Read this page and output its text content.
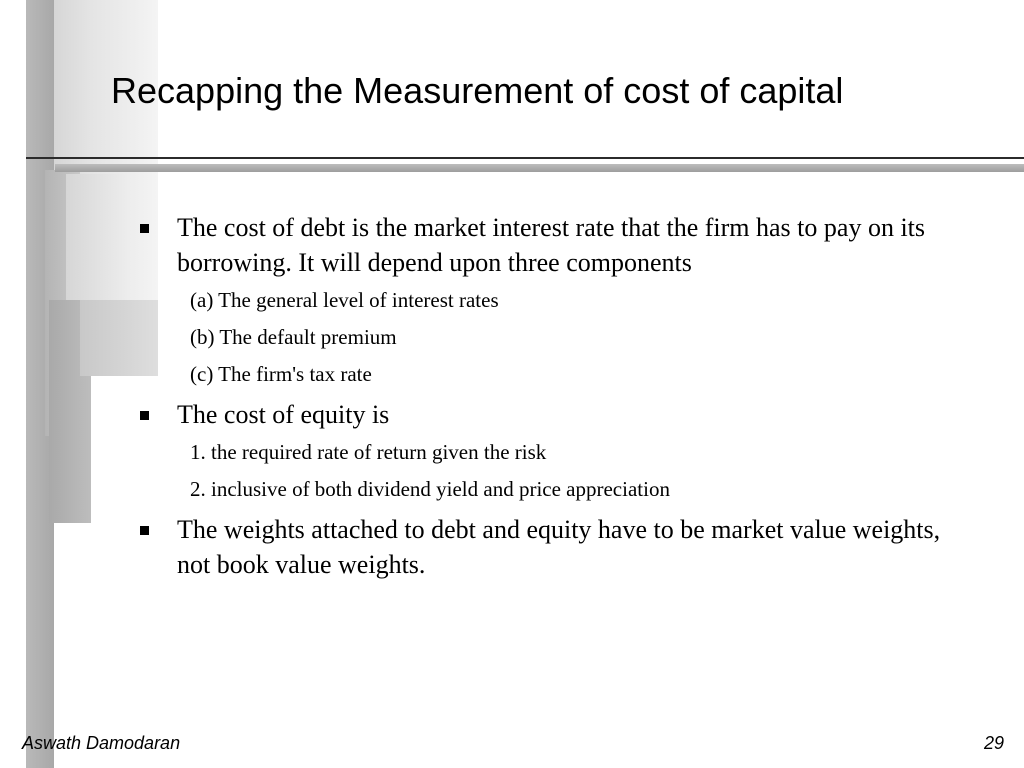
Recapping the Measurement of cost of capital
The cost of debt is the market interest rate that the firm has to pay on its borrowing. It will depend upon three components
(a) The general level of interest rates
(b) The default premium
(c) The firm's tax rate
The cost of equity is
1. the required rate of return given the risk
2. inclusive of both dividend yield and price appreciation
The weights attached to debt and equity have to be market value weights, not book value weights.
Aswath Damodaran	29
